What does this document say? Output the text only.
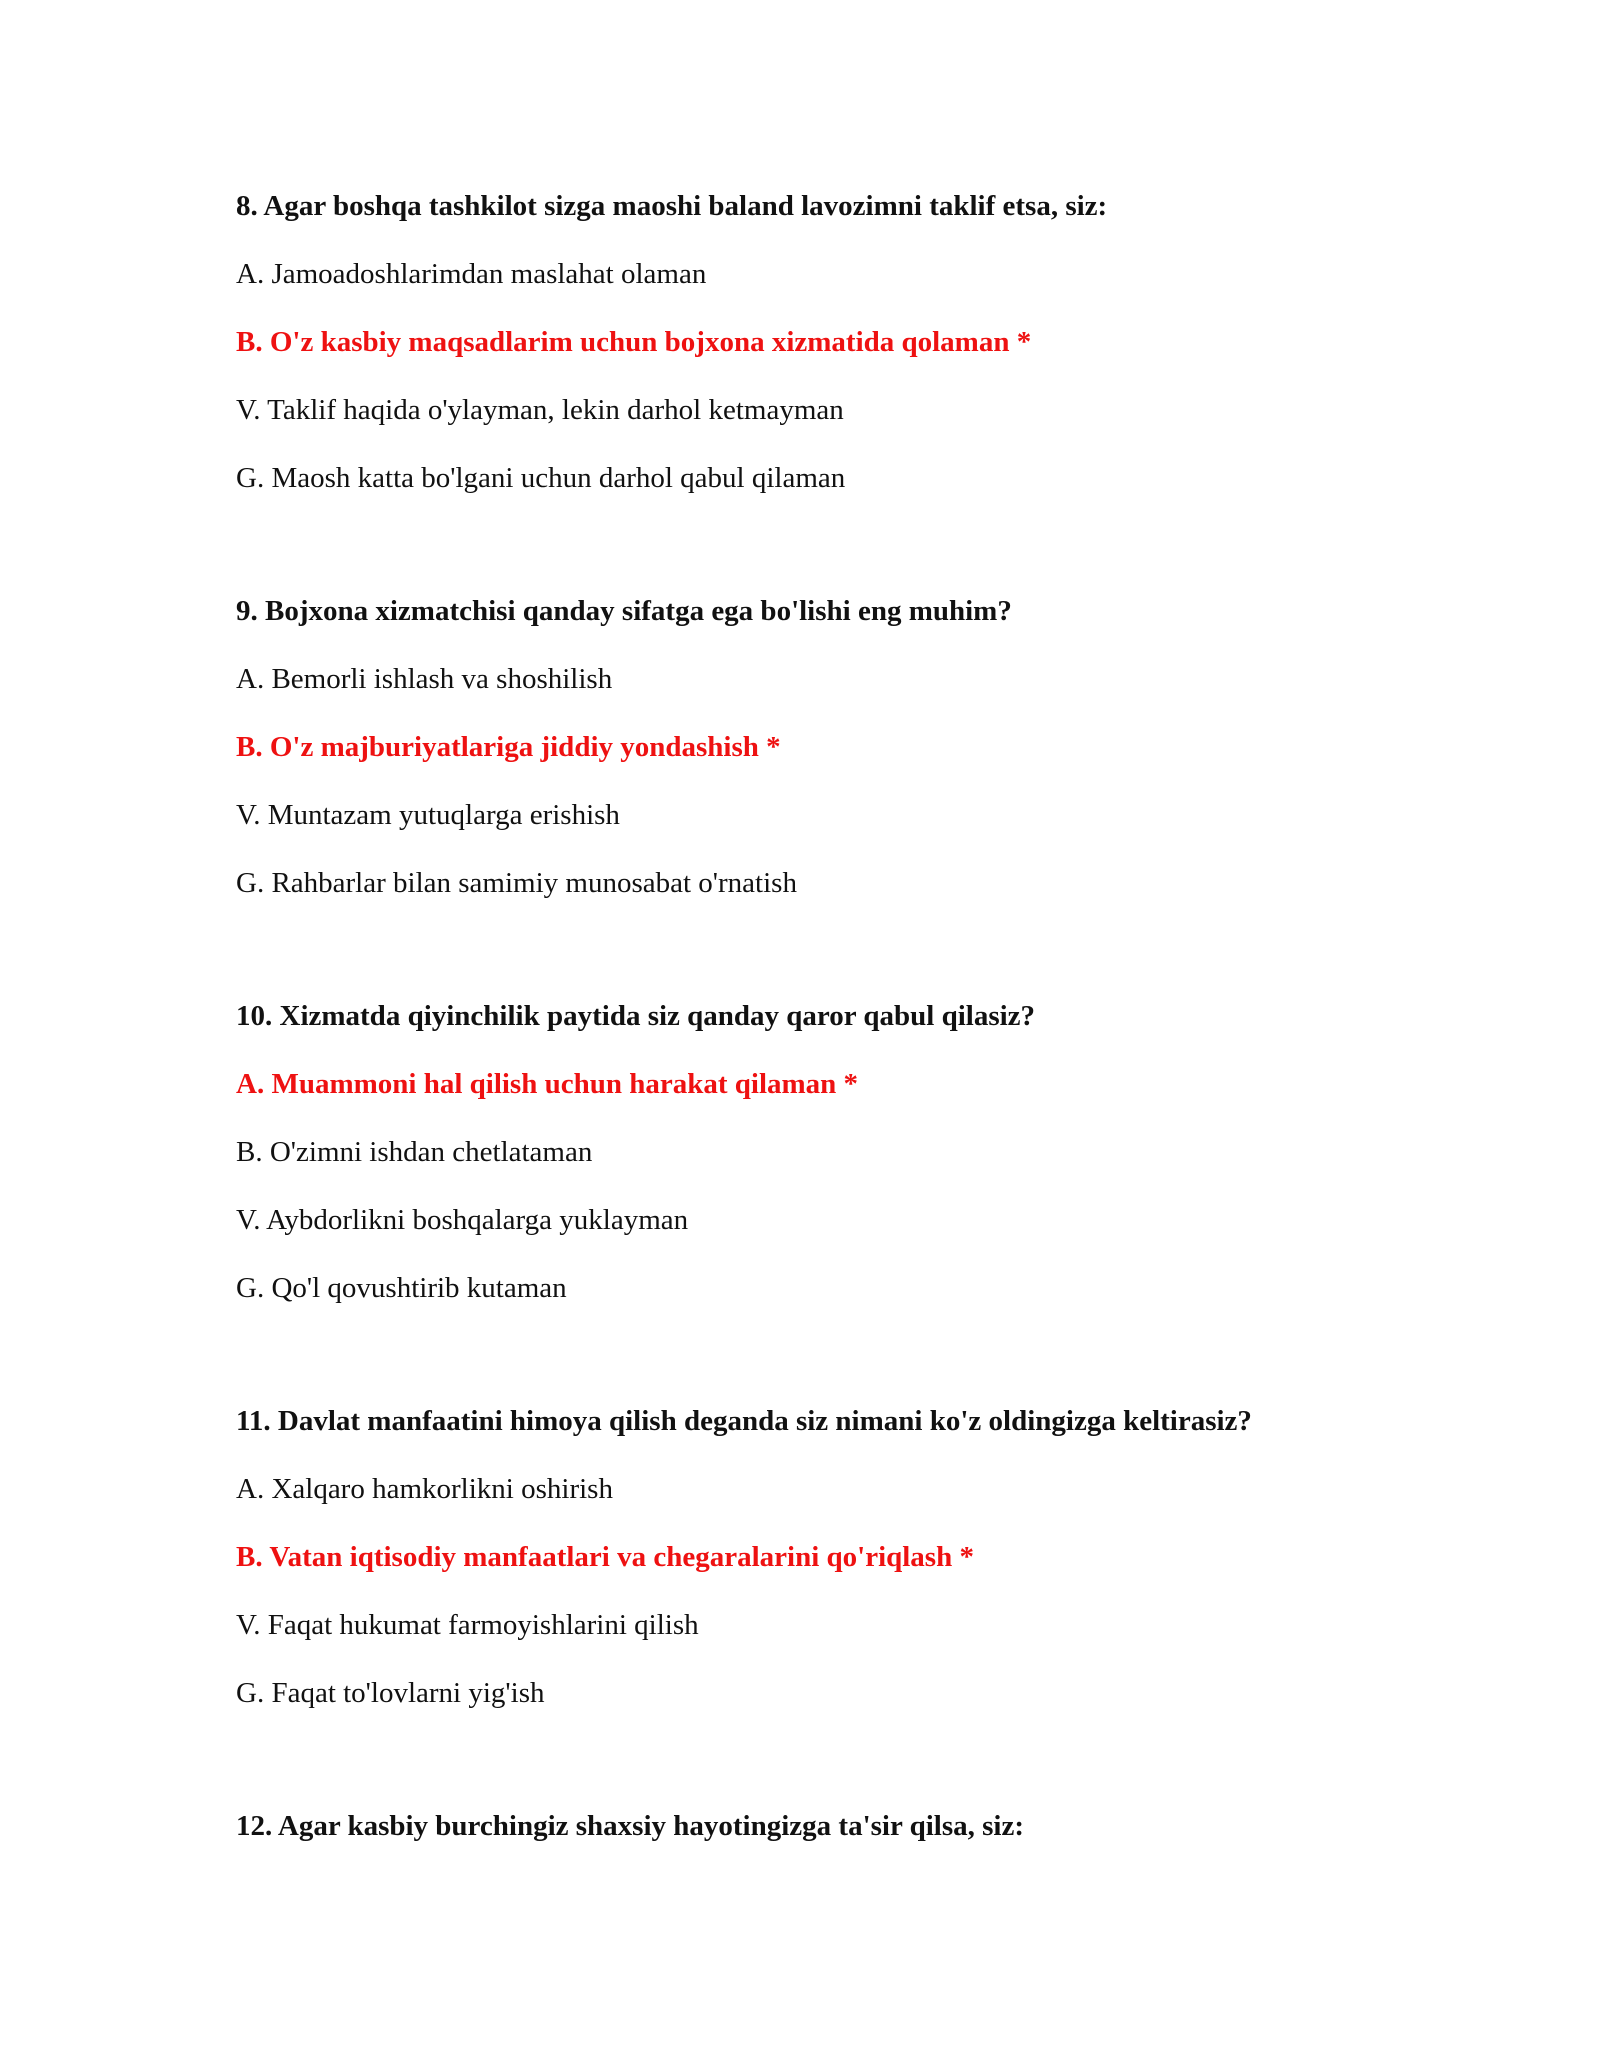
8. Agar boshqa tashkilot sizga maoshi baland lavozimni taklif etsa, siz:

A. Jamoadoshlarimdan maslahat olaman

B. O'z kasbiy maqsadlarim uchun bojxona xizmatida qolaman *

V. Taklif haqida o'ylayman, lekin darhol ketmayman

G. Maosh katta bo'lgani uchun darhol qabul qilaman

9. Bojxona xizmatchisi qanday sifatga ega bo'lishi eng muhim?

A. Bemorli ishlash va shoshilish

B. O'z majburiyatlariga jiddiy yondashish *

V. Muntazam yutuqlarga erishish

G. Rahbarlar bilan samimiy munosabat o'rnatish

10. Xizmatda qiyinchilik paytida siz qanday qaror qabul qilasiz?

A. Muammoni hal qilish uchun harakat qilaman *

B. O'zimni ishdan chetlataman

V. Aybdorlikni boshqalarga yuklayman

G. Qo'l qovushtirib kutaman

11. Davlat manfaatini himoya qilish deganda siz nimani ko'z oldingizga keltirasiz?

A. Xalqaro hamkorlikni oshirish

B. Vatan iqtisodiy manfaatlari va chegaralarini qo'riqlash *

V. Faqat hukumat farmoyishlarini qilish

G. Faqat to'lovlarni yig'ish

12. Agar kasbiy burchingiz shaxsiy hayotingizga ta'sir qilsa, siz:
